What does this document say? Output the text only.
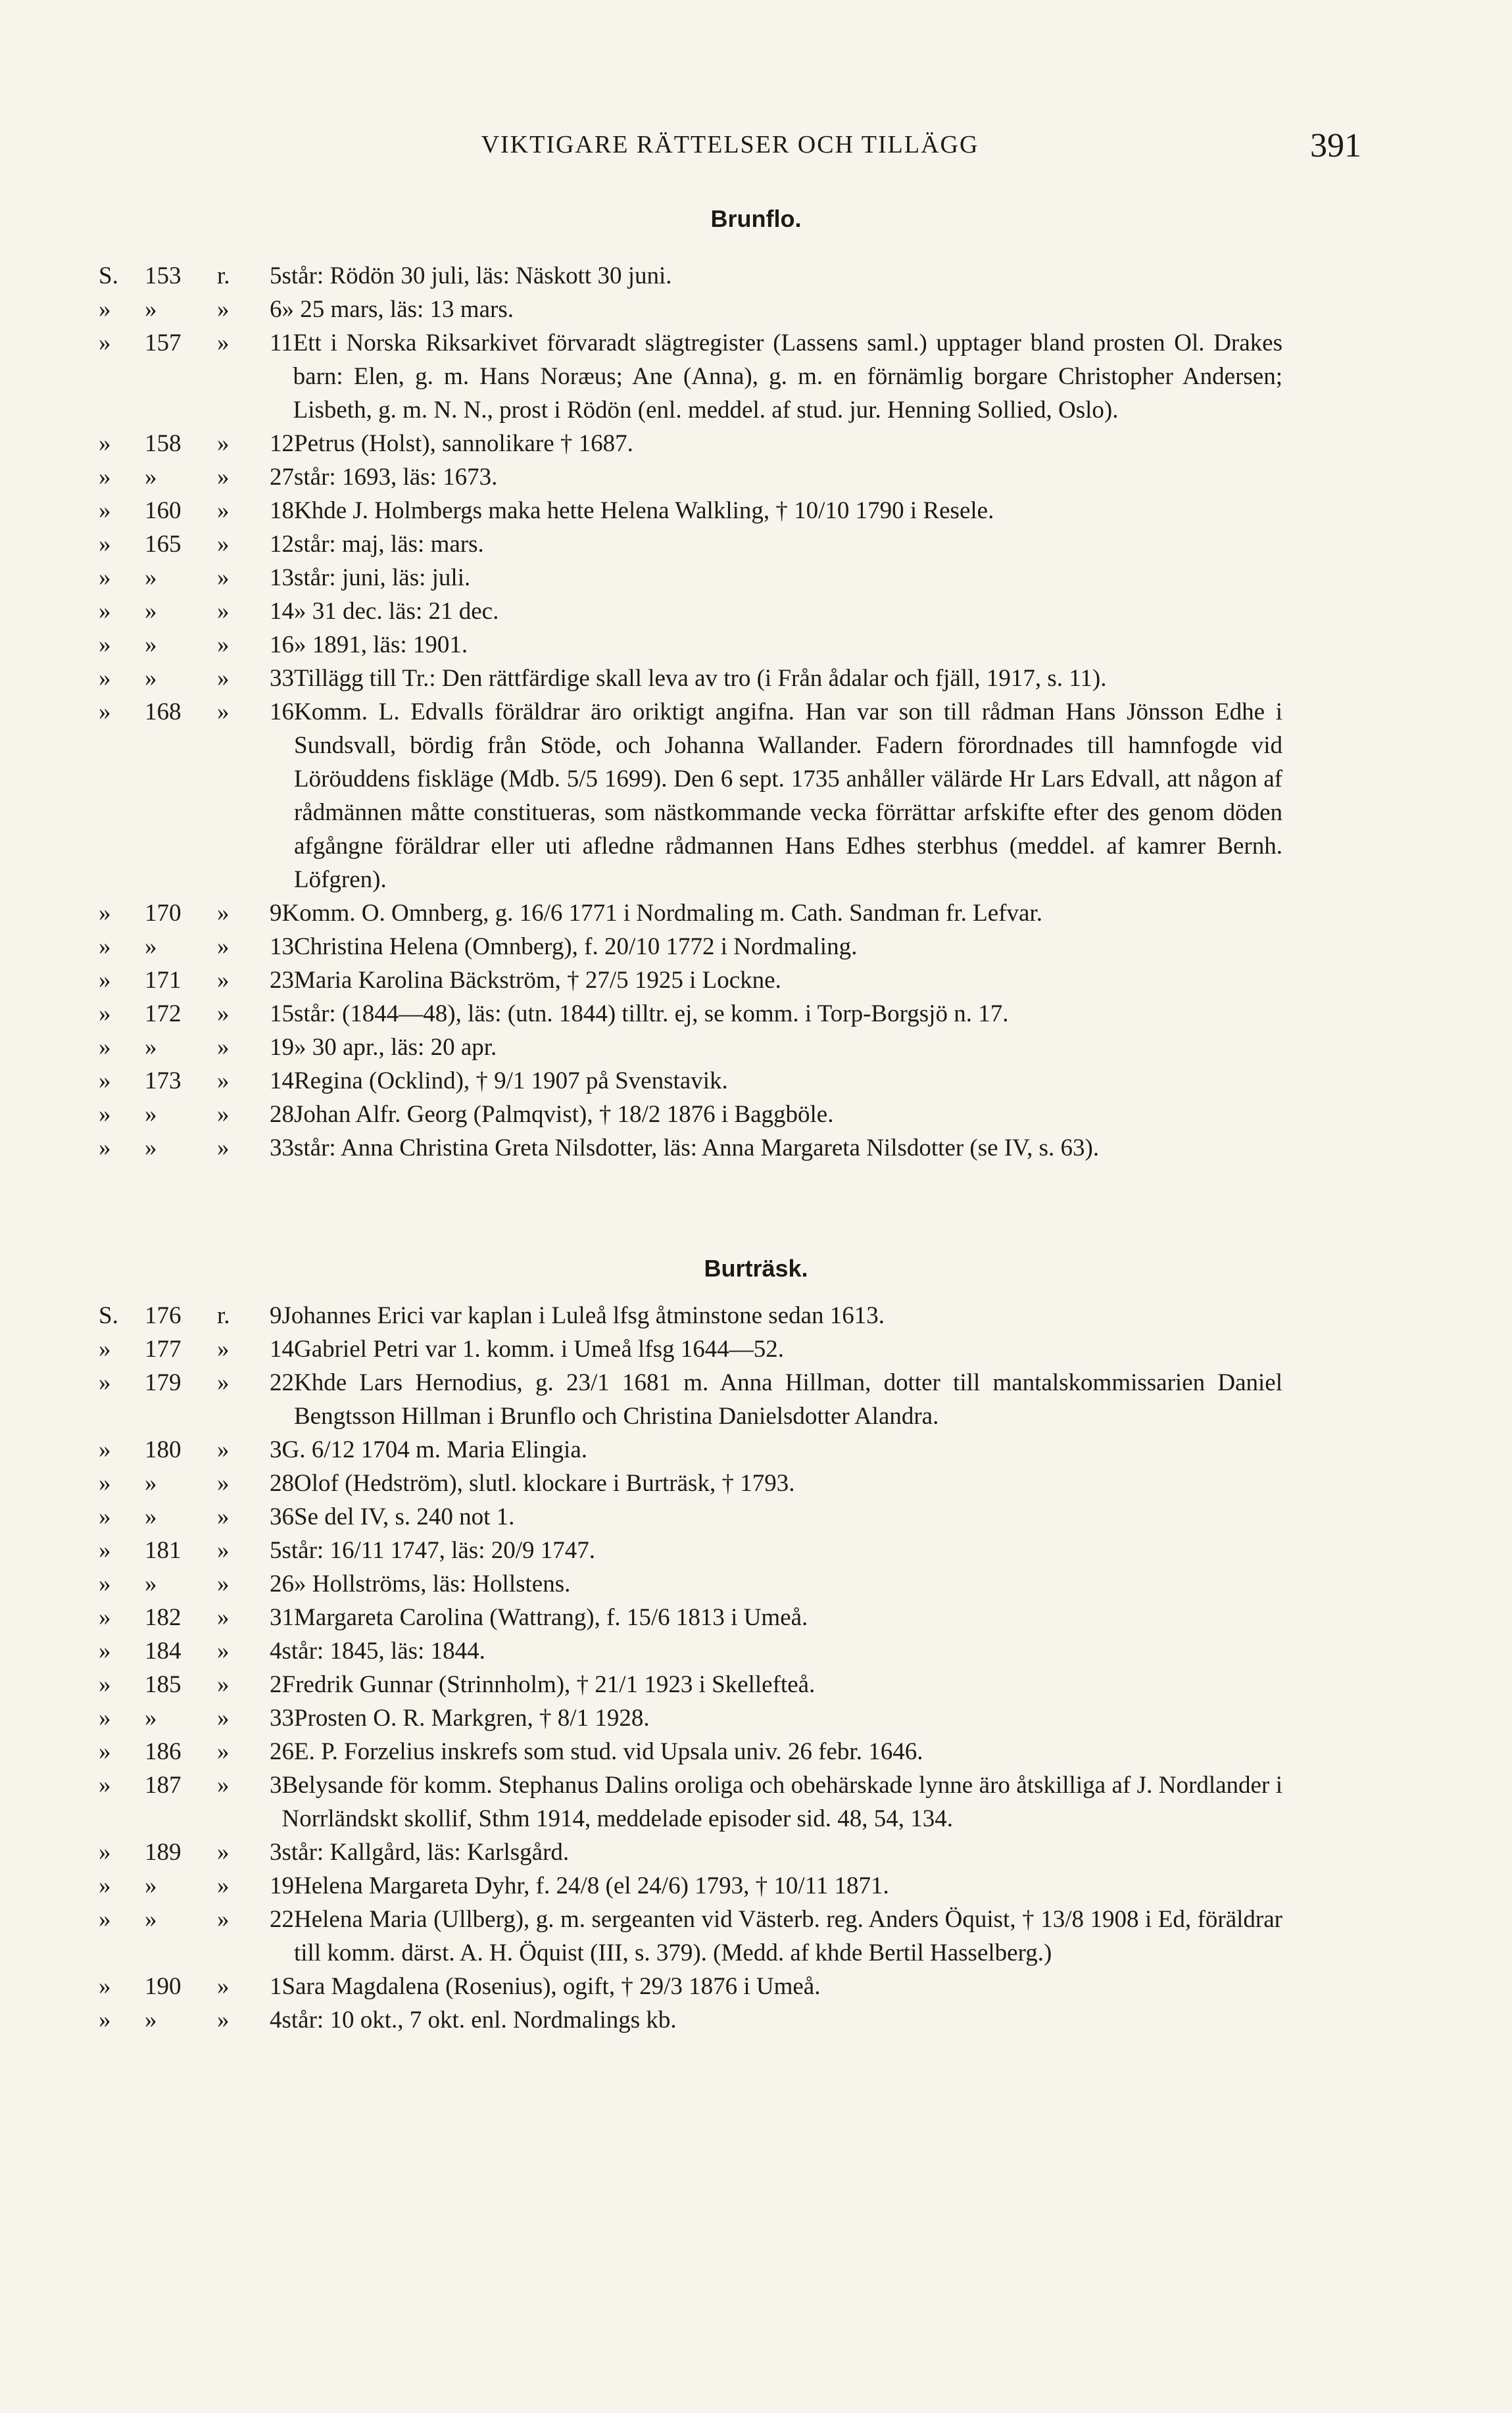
VIKTIGARE RÄTTELSER OCH TILLÄGG	391
Brunflo.
S.	153	r.	5 står: Rödön 30 juli, läs: Näskott 30 juni.
»	»	»	6 » 25 mars, läs: 13 mars.
»	157	»	11 Ett i Norska Riksarkivet förvaradt slägtregister (Lassens saml.) upptager bland prosten Ol. Drakes barn: Elen, g. m. Hans Noræus; Ane (Anna), g. m. en förnämlig borgare Christopher Andersen; Lisbeth, g. m. N. N., prost i Rödön (enl. meddel. af stud. jur. Henning Sollied, Oslo).
»	158	»	12 Petrus (Holst), sannolikare † 1687.
»	»	»	27 står: 1693, läs: 1673.
»	160	»	18 Khde J. Holmbergs maka hette Helena Walkling, † 10/10 1790 i Resele.
»	165	»	12 står: maj, läs: mars.
»	»	»	13 står: juni, läs: juli.
»	»	»	14 » 31 dec. läs: 21 dec.
»	»	»	16 » 1891, läs: 1901.
»	»	»	33 Tillägg till Tr.: Den rättfärdige skall leva av tro (i Från ådalar och fjäll, 1917, s. 11).
»	168	»	16 Komm. L. Edvalls föräldrar äro oriktigt angifna. Han var son till rådman Hans Jönsson Edhe i Sundsvall, bördig från Stöde, och Johanna Wallander. Fadern förordnades till hamnfogde vid Löröuddens fiskläge (Mdb. 5/5 1699). Den 6 sept. 1735 anhåller välärde Hr Lars Edvall, att någon af rådmännen måtte constitueras, som nästkommande vecka förrättar arfskifte efter des genom döden afgångne föräldrar eller uti afledne rådmannen Hans Edhes sterbhus (meddel. af kamrer Bernh. Löfgren).
»	170	»	9 Komm. O. Omnberg, g. 16/6 1771 i Nordmaling m. Cath. Sandman fr. Lefvar.
»	»	»	13 Christina Helena (Omnberg), f. 20/10 1772 i Nordmaling.
»	171	»	23 Maria Karolina Bäckström, † 27/5 1925 i Lockne.
»	172	»	15 står: (1844—48), läs: (utn. 1844) tilltr. ej, se komm. i Torp-Borgsjö n. 17.
»	»	»	19 » 30 apr., läs: 20 apr.
»	173	»	14 Regina (Ocklind), † 9/1 1907 på Svenstavik.
»	»	»	28 Johan Alfr. Georg (Palmqvist), † 18/2 1876 i Baggböle.
»	»	»	33 står: Anna Christina Greta Nilsdotter, läs: Anna Margareta Nilsdotter (se IV, s. 63).
Burträsk.
S.	176	r.	9 Johannes Erici var kaplan i Luleå lfsg åtminstone sedan 1613.
»	177	»	14 Gabriel Petri var 1. komm. i Umeå lfsg 1644—52.
»	179	»	22 Khde Lars Hernodius, g. 23/1 1681 m. Anna Hillman, dotter till mantalskommissarien Daniel Bengtsson Hillman i Brunflo och Christina Danielsdotter Alandra.
»	180	»	3 G. 6/12 1704 m. Maria Elingia.
»	»	»	28 Olof (Hedström), slutl. klockare i Burträsk, † 1793.
»	»	»	36 Se del IV, s. 240 not 1.
»	181	»	5 står: 16/11 1747, läs: 20/9 1747.
»	»	»	26 » Hollströms, läs: Hollstens.
»	182	»	31 Margareta Carolina (Wattrang), f. 15/6 1813 i Umeå.
»	184	»	4 står: 1845, läs: 1844.
»	185	»	2 Fredrik Gunnar (Strinnholm), † 21/1 1923 i Skellefteå.
»	»	»	33 Prosten O. R. Markgren, † 8/1 1928.
»	186	»	26 E. P. Forzelius inskrefs som stud. vid Upsala univ. 26 febr. 1646.
»	187	»	3 Belysande för komm. Stephanus Dalins oroliga och obehärskade lynne äro åtskilliga af J. Nordlander i Norrländskt skollif, Sthm 1914, meddelade episoder sid. 48, 54, 134.
»	189	»	3 står: Kallgård, läs: Karlsgård.
»	»	»	19 Helena Margareta Dyhr, f. 24/8 (el 24/6) 1793, † 10/11 1871.
»	»	»	22 Helena Maria (Ullberg), g. m. sergeanten vid Västerb. reg. Anders Öquist, † 13/8 1908 i Ed, föräldrar till komm. därst. A. H. Öquist (III, s. 379). (Medd. af khde Bertil Hasselberg.)
»	190	»	1 Sara Magdalena (Rosenius), ogift, † 29/3 1876 i Umeå.
»	»	»	4 står: 10 okt., 7 okt. enl. Nordmalings kb.
